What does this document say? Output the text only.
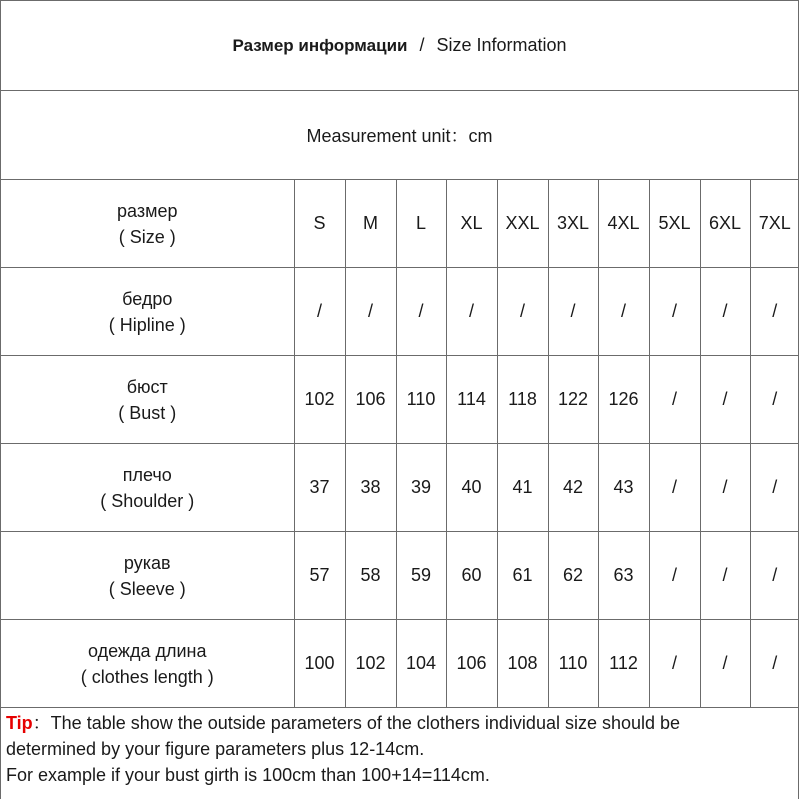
Размер информации / Size Information
Measurement unit：cm
размер
( Size )	S	M	L	XL	XXL	3XL	4XL	5XL	6XL	7XL

бедро
( Hipline )	/	/	/	/	/	/	/	/	/	/

бюст
( Bust )	102	106	110	114	118	122	126	/	/	/

плечо
( Shoulder )	37	38	39	40	41	42	43	/	/	/

рукав
( Sleeve )	57	58	59	60	61	62	63	/	/	/

одежда длина
( clothes length )	100	102	104	106	108	110	112	/	/	/
Tip：The table show the outside parameters of the clothers individual size should be
determined by your figure parameters plus 12-14cm.
For example if your bust girth is 100cm than 100+14=114cm.
